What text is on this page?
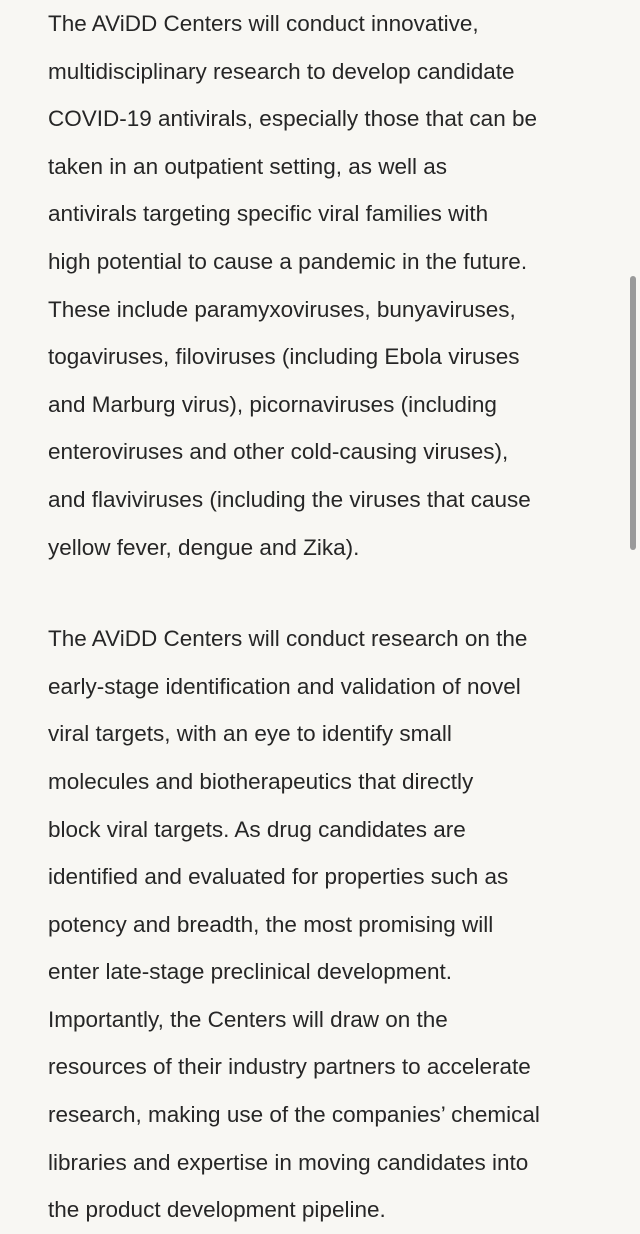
The AViDD Centers will conduct innovative,
multidisciplinary research to develop candidate
COVID-19 antivirals, especially those that can be
taken in an outpatient setting, as well as
antivirals targeting specific viral families with
high potential to cause a pandemic in the future.
These include paramyxoviruses, bunyaviruses,
togaviruses, filoviruses (including Ebola viruses
and Marburg virus), picornaviruses (including
enteroviruses and other cold-causing viruses),
and flaviviruses (including the viruses that cause
yellow fever, dengue and Zika).

The AViDD Centers will conduct research on the
early-stage identification and validation of novel
viral targets, with an eye to identify small
molecules and biotherapeutics that directly
block viral targets. As drug candidates are
identified and evaluated for properties such as
potency and breadth, the most promising will
enter late-stage preclinical development.
Importantly, the Centers will draw on the
resources of their industry partners to accelerate
research, making use of the companies’ chemical
libraries and expertise in moving candidates into
the product development pipeline.
